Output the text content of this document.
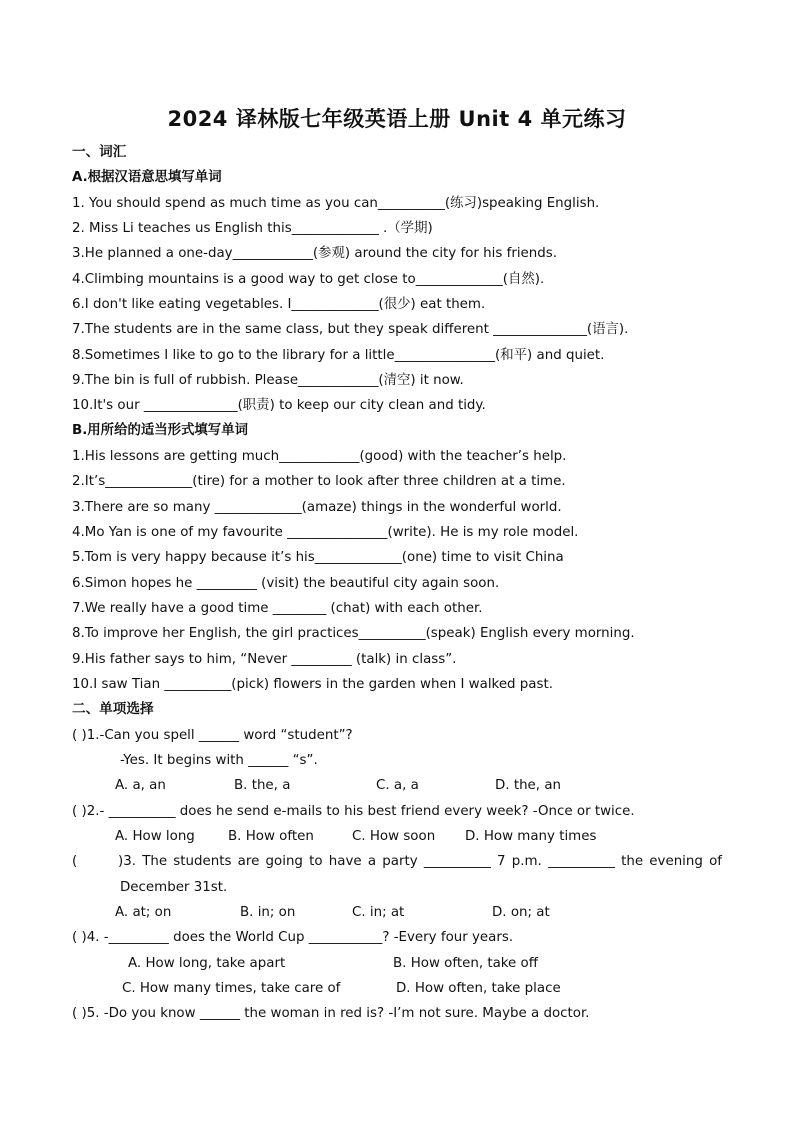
2024 译林版七年级英语上册 Unit 4 单元练习
一、词汇
A.根据汉语意思填写单词
1. You should spend as much time as you can__________(练习)speaking English.
2. Miss Li teaches us English this_____________ .（学期)
3.He planned a one-day____________(参观) around the city for his friends.
4.Climbing mountains is a good way to get close to_____________(自然).
6.I don't like eating vegetables. I_____________(很少) eat them.
7.The students are in the same class, but they speak different ______________(语言).
8.Sometimes I like to go to the library for a little_______________(和平) and quiet.
9.The bin is full of rubbish. Please____________(清空) it now.
10.It's our ______________(职责) to keep our city clean and tidy.
B.用所给的适当形式填写单词
1.His lessons are getting much____________(good) with the teacher’s help.
2.It’s_____________(tire) for a mother to look after three children at a time.
3.There are so many _____________(amaze) things in the wonderful world.
4.Mo Yan is one of my favourite _______________(write). He is my role model.
5.Tom is very happy because it’s his_____________(one) time to visit China
6.Simon hopes he _________ (visit) the beautiful city again soon.
7.We really have a good time ________ (chat) with each other.
8.To improve her English, the girl practices__________(speak) English every morning.
9.His father says to him, “Never _________ (talk) in class”.
10.I saw Tian __________(pick) flowers in the garden when I walked past.
二、单项选择
( )1.-Can you spell ______ word “student”?
-Yes. It begins with ______ “s”.
A. a, an	B. the, a	C. a, a	D. the, an
( )2.- __________ does he send e-mails to his best friend every week? -Once or twice.
A. How long B. How often	C. How soon D. How many times
(	)3. The students are going to have a party __________ 7 p.m. __________ the evening of
December 31st.
A. at; on	B. in; on	C. in; at	D. on; at
( )4. -_________ does the World Cup ___________? -Every four years.
A. How long, take apart	B. How often, take off
C. How many times, take care of	D. How often, take place
( )5. -Do you know ______ the woman in red is? -I’m not sure. Maybe a doctor.
